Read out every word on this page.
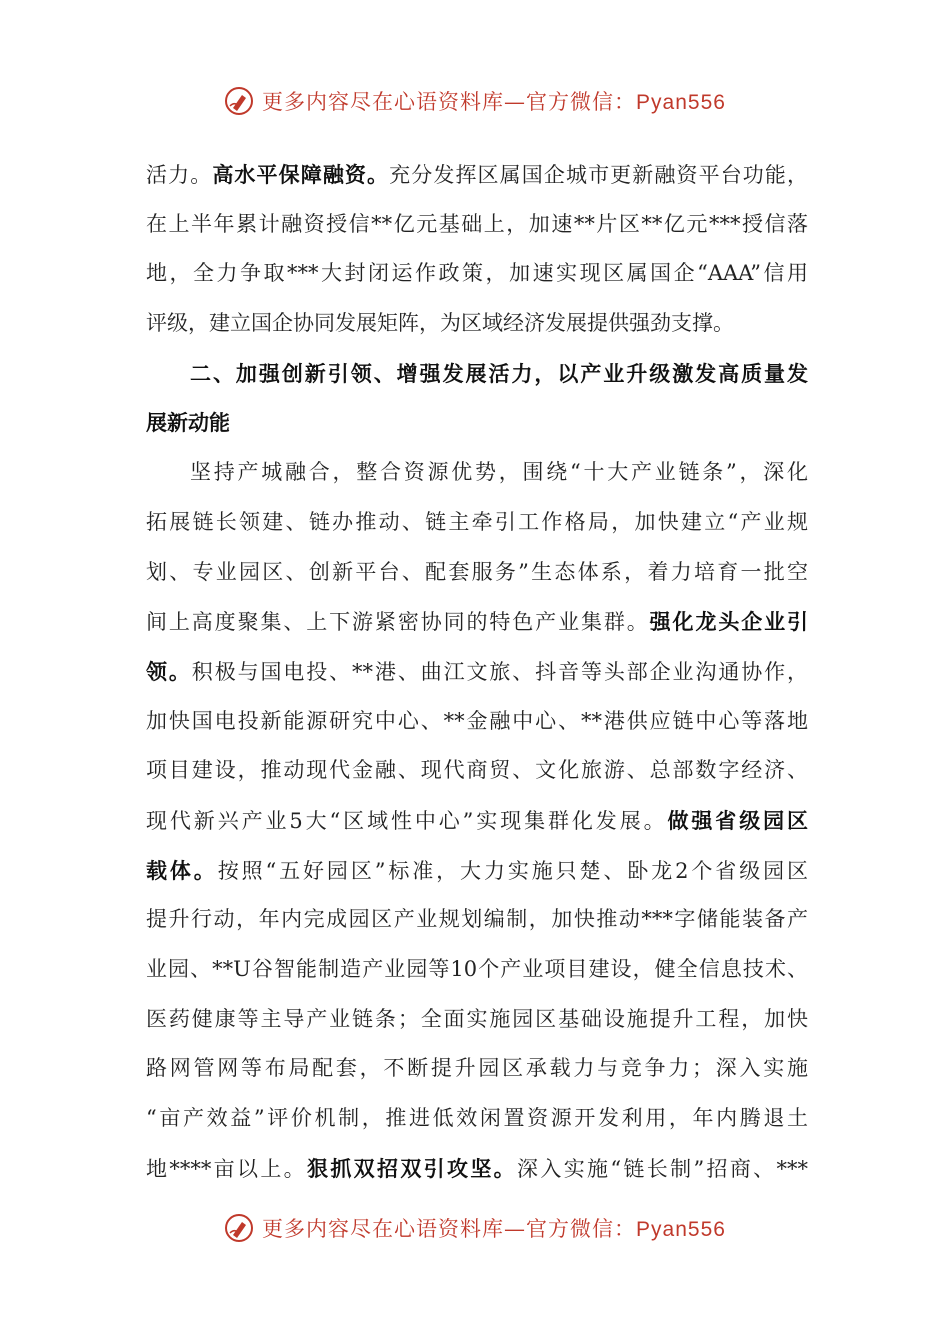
更多内容尽在心语资料库—官方微信：Pyan556
活力。高水平保障融资。充分发挥区属国企城市更新融资平台功能，
在上半年累计融资授信**亿元基础上，加速**片区**亿元***授信落
地，全力争取***大封闭运作政策，加速实现区属国企“AAA”信用
评级，建立国企协同发展矩阵，为区域经济发展提供强劲支撑。
二、加强创新引领、增强发展活力，以产业升级激发高质量发
展新动能
坚持产城融合，整合资源优势，围绕“十大产业链条”，深化
拓展链长领建、链办推动、链主牵引工作格局，加快建立“产业规
划、专业园区、创新平台、配套服务”生态体系，着力培育一批空
间上高度聚集、上下游紧密协同的特色产业集群。强化龙头企业引
领。积极与国电投、**港、曲江文旅、抖音等头部企业沟通协作，
加快国电投新能源研究中心、**金融中心、**港供应链中心等落地
项目建设，推动现代金融、现代商贸、文化旅游、总部数字经济、
现代新兴产业5大“区域性中心”实现集群化发展。做强省级园区
载体。按照“五好园区”标准，大力实施只楚、卧龙2个省级园区
提升行动，年内完成园区产业规划编制，加快推动***字储能装备产
业园、**U谷智能制造产业园等10个产业项目建设，健全信息技术、
医药健康等主导产业链条；全面实施园区基础设施提升工程，加快
路网管网等布局配套，不断提升园区承载力与竞争力；深入实施
“亩产效益”评价机制，推进低效闲置资源开发利用，年内腾退土
地****亩以上。狠抓双招双引攻坚。深入实施“链长制”招商、***
更多内容尽在心语资料库—官方微信：Pyan556
